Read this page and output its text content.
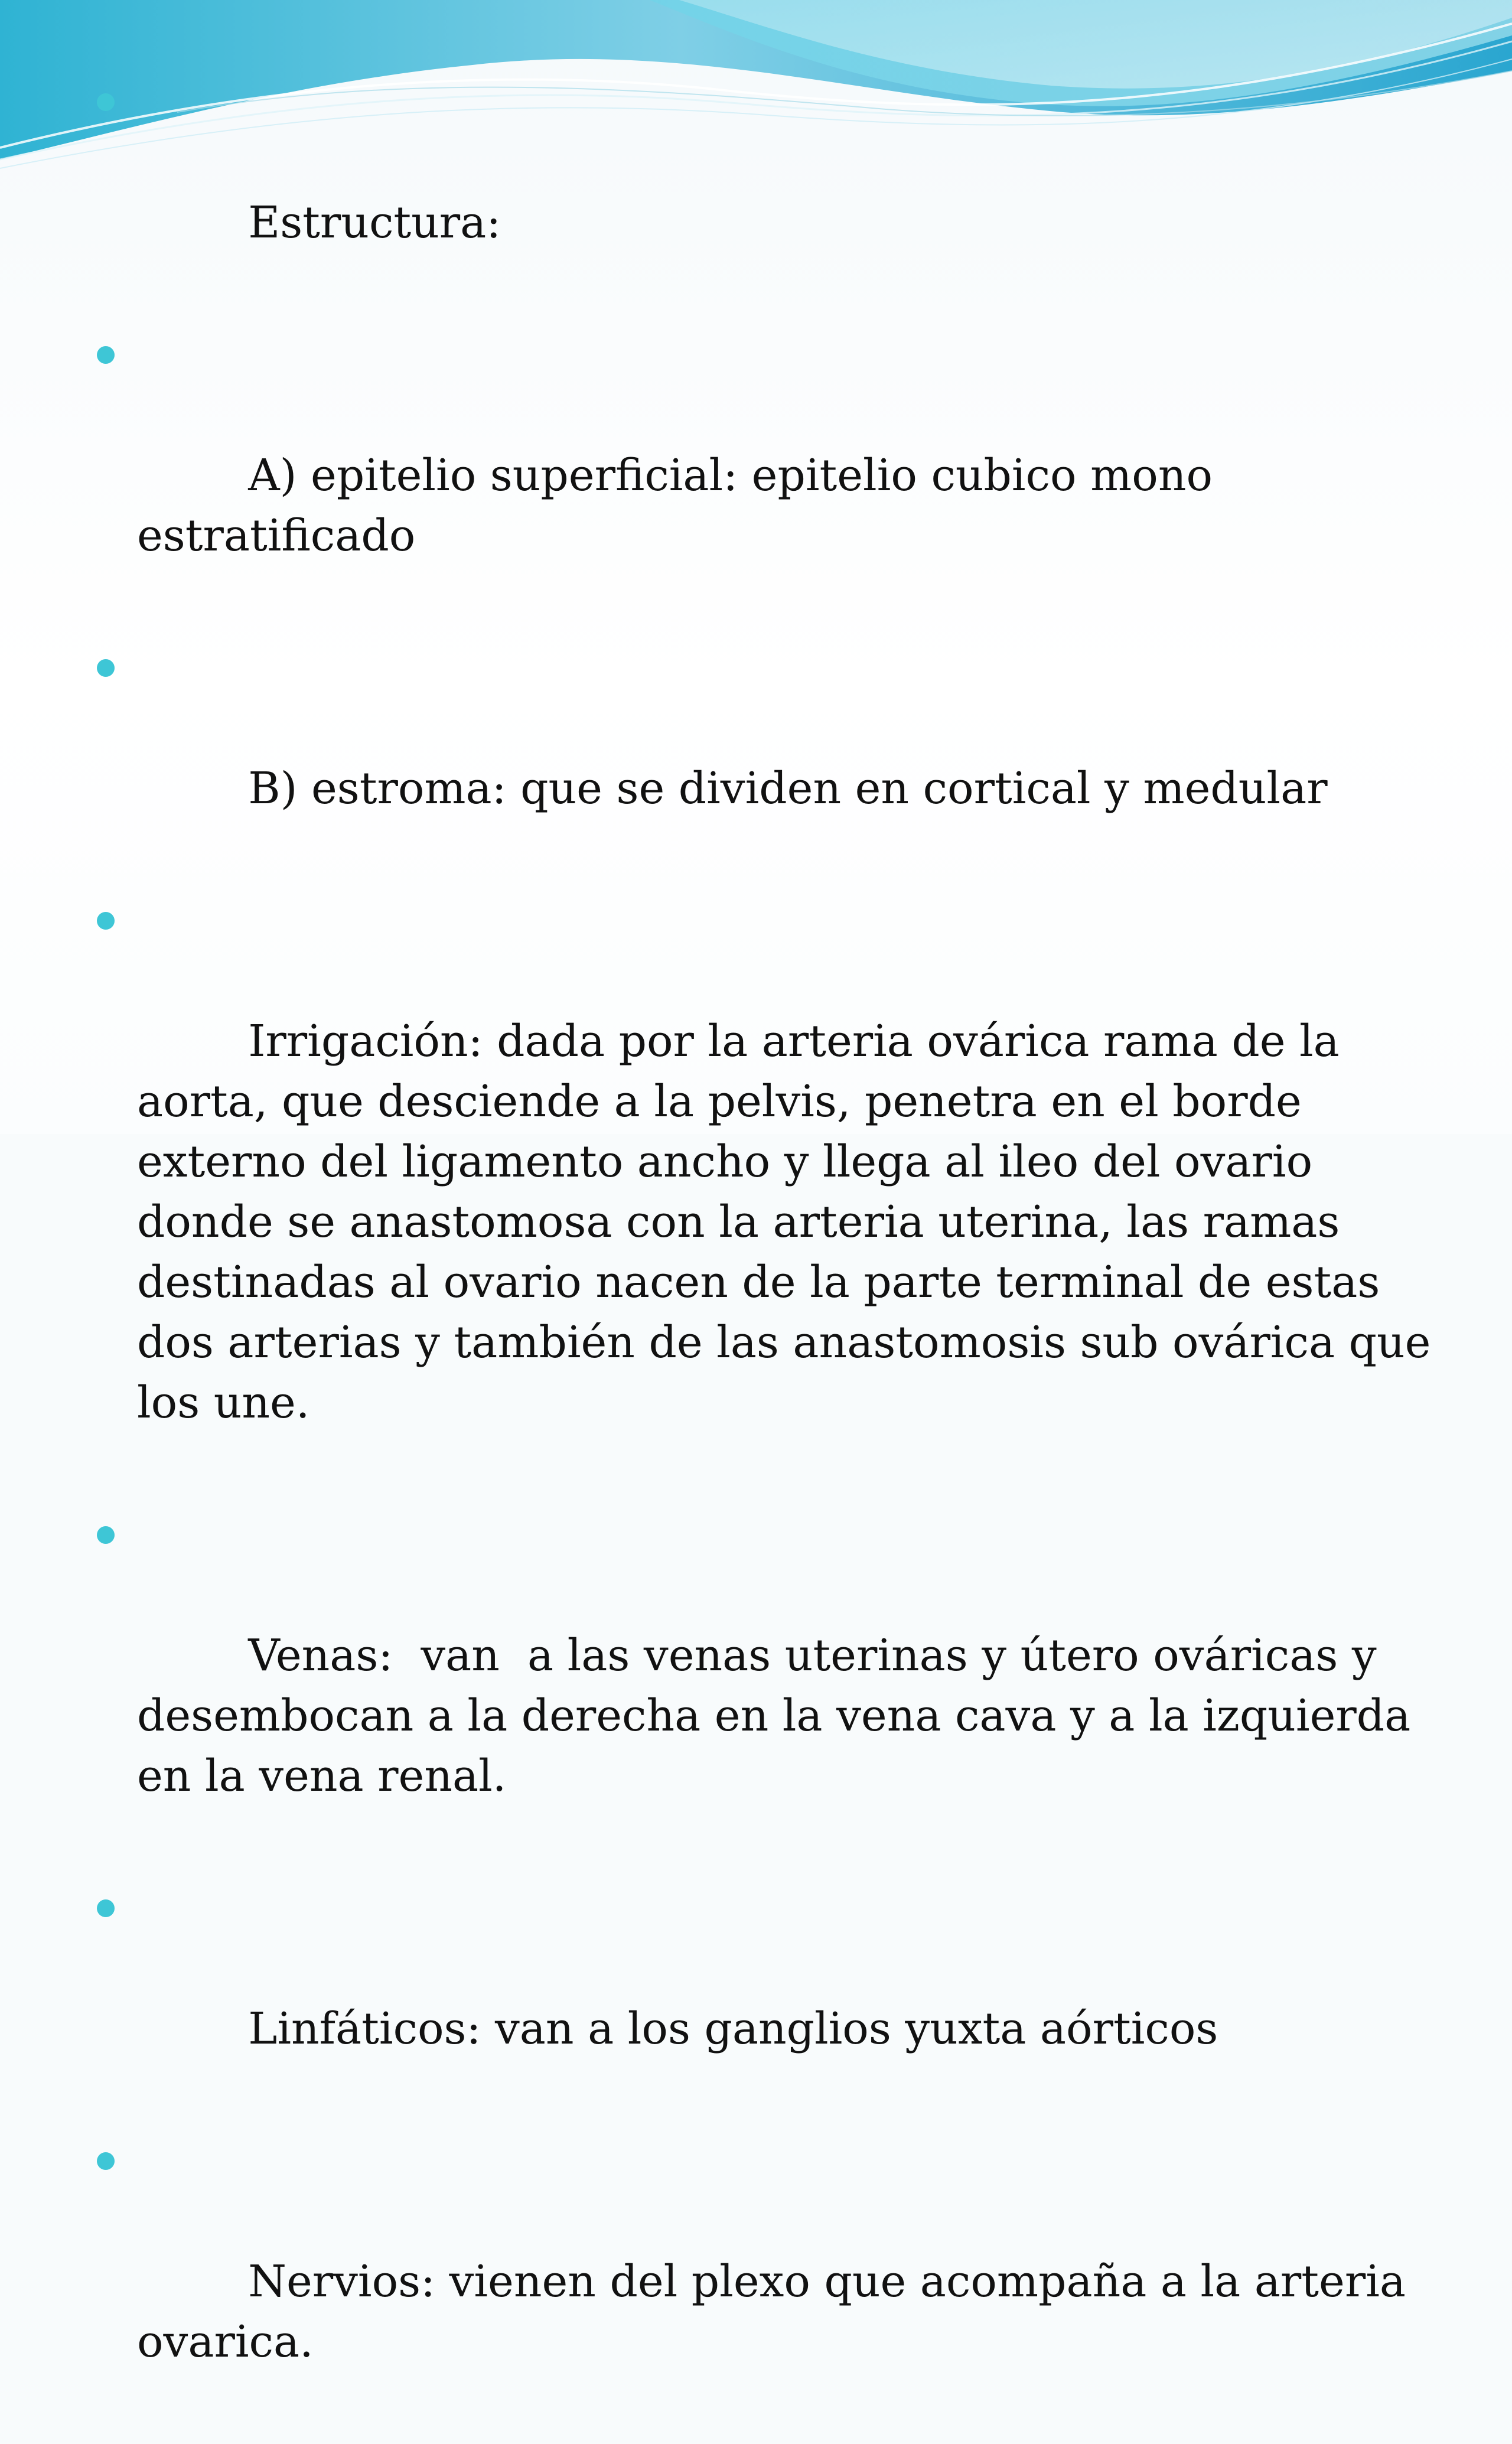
Estructura:

A) epitelio superficial: epitelio cubico mono estratificado

B) estroma: que se dividen en cortical y medular

Irrigación: dada por la arteria ovárica rama de la aorta, que desciende a la pelvis, penetra en el borde externo del ligamento ancho y llega al ileo del ovario donde se anastomosa con la arteria uterina, las ramas destinadas al ovario nacen de la parte terminal de estas dos arterias y también de las anastomosis sub ovárica que los une.

Venas:  van  a las venas uterinas y útero ováricas y desembocan a la derecha en la vena cava y a la izquierda en la vena renal.

Linfáticos: van a los ganglios yuxta aórticos

Nervios: vienen del plexo que acompaña a la arteria ovarica.
